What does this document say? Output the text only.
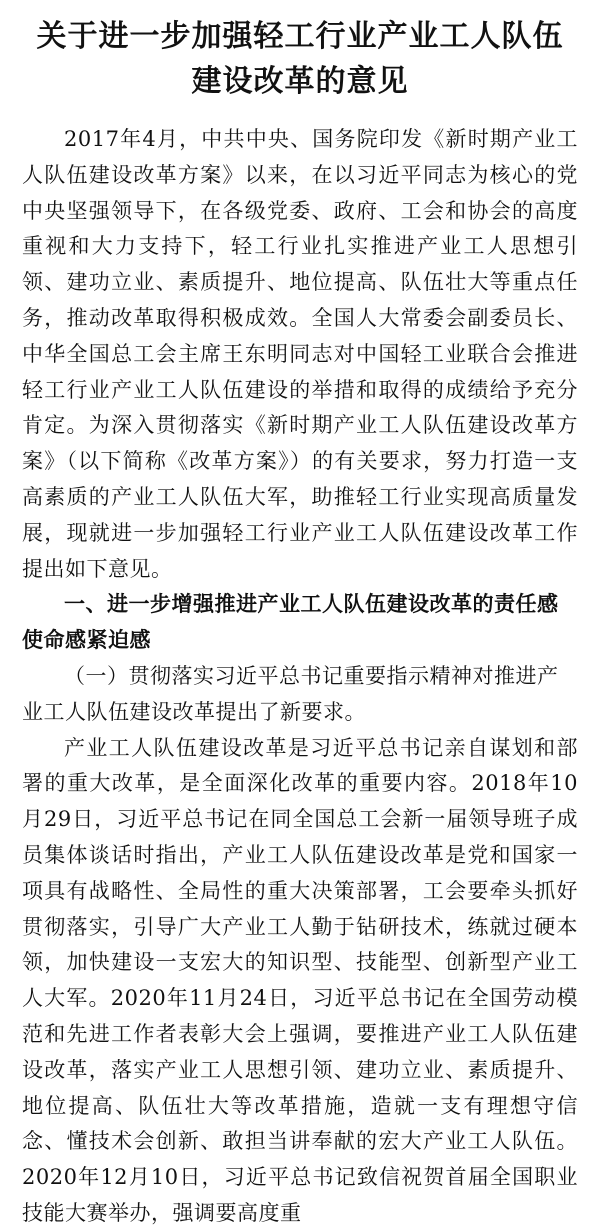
关于进一步加强轻工行业产业工人队伍
建设改革的意见

2017年4月，中共中央、国务院印发《新时期产业工人队伍建设改革方案》以来，在以习近平同志为核心的党中央坚强领导下，在各级党委、政府、工会和协会的高度重视和大力支持下，轻工行业扎实推进产业工人思想引领、建功立业、素质提升、地位提高、队伍壮大等重点任务，推动改革取得积极成效。全国人大常委会副委员长、中华全国总工会主席王东明同志对中国轻工业联合会推进轻工行业产业工人队伍建设的举措和取得的成绩给予充分肯定。为深入贯彻落实《新时期产业工人队伍建设改革方案》（以下简称《改革方案》）的有关要求，努力打造一支高素质的产业工人队伍大军，助推轻工行业实现高质量发展，现就进一步加强轻工行业产业工人队伍建设改革工作提出如下意见。

一、进一步增强推进产业工人队伍建设改革的责任感使命感紧迫感

（一）贯彻落实习近平总书记重要指示精神对推进产业工人队伍建设改革提出了新要求。

产业工人队伍建设改革是习近平总书记亲自谋划和部署的重大改革，是全面深化改革的重要内容。2018年10月29日，习近平总书记在同全国总工会新一届领导班子成员集体谈话时指出，产业工人队伍建设改革是党和国家一项具有战略性、全局性的重大决策部署，工会要牵头抓好贯彻落实，引导广大产业工人勤于钻研技术，练就过硬本领，加快建设一支宏大的知识型、技能型、创新型产业工人大军。2020年11月24日，习近平总书记在全国劳动模范和先进工作者表彰大会上强调，要推进产业工人队伍建设改革，落实产业工人思想引领、建功立业、素质提升、地位提高、队伍壮大等改革措施，造就一支有理想守信念、懂技术会创新、敢担当讲奉献的宏大产业工人队伍。2020年12月10日，习近平总书记致信祝贺首届全国职业技能大赛举办，强调要高度重
